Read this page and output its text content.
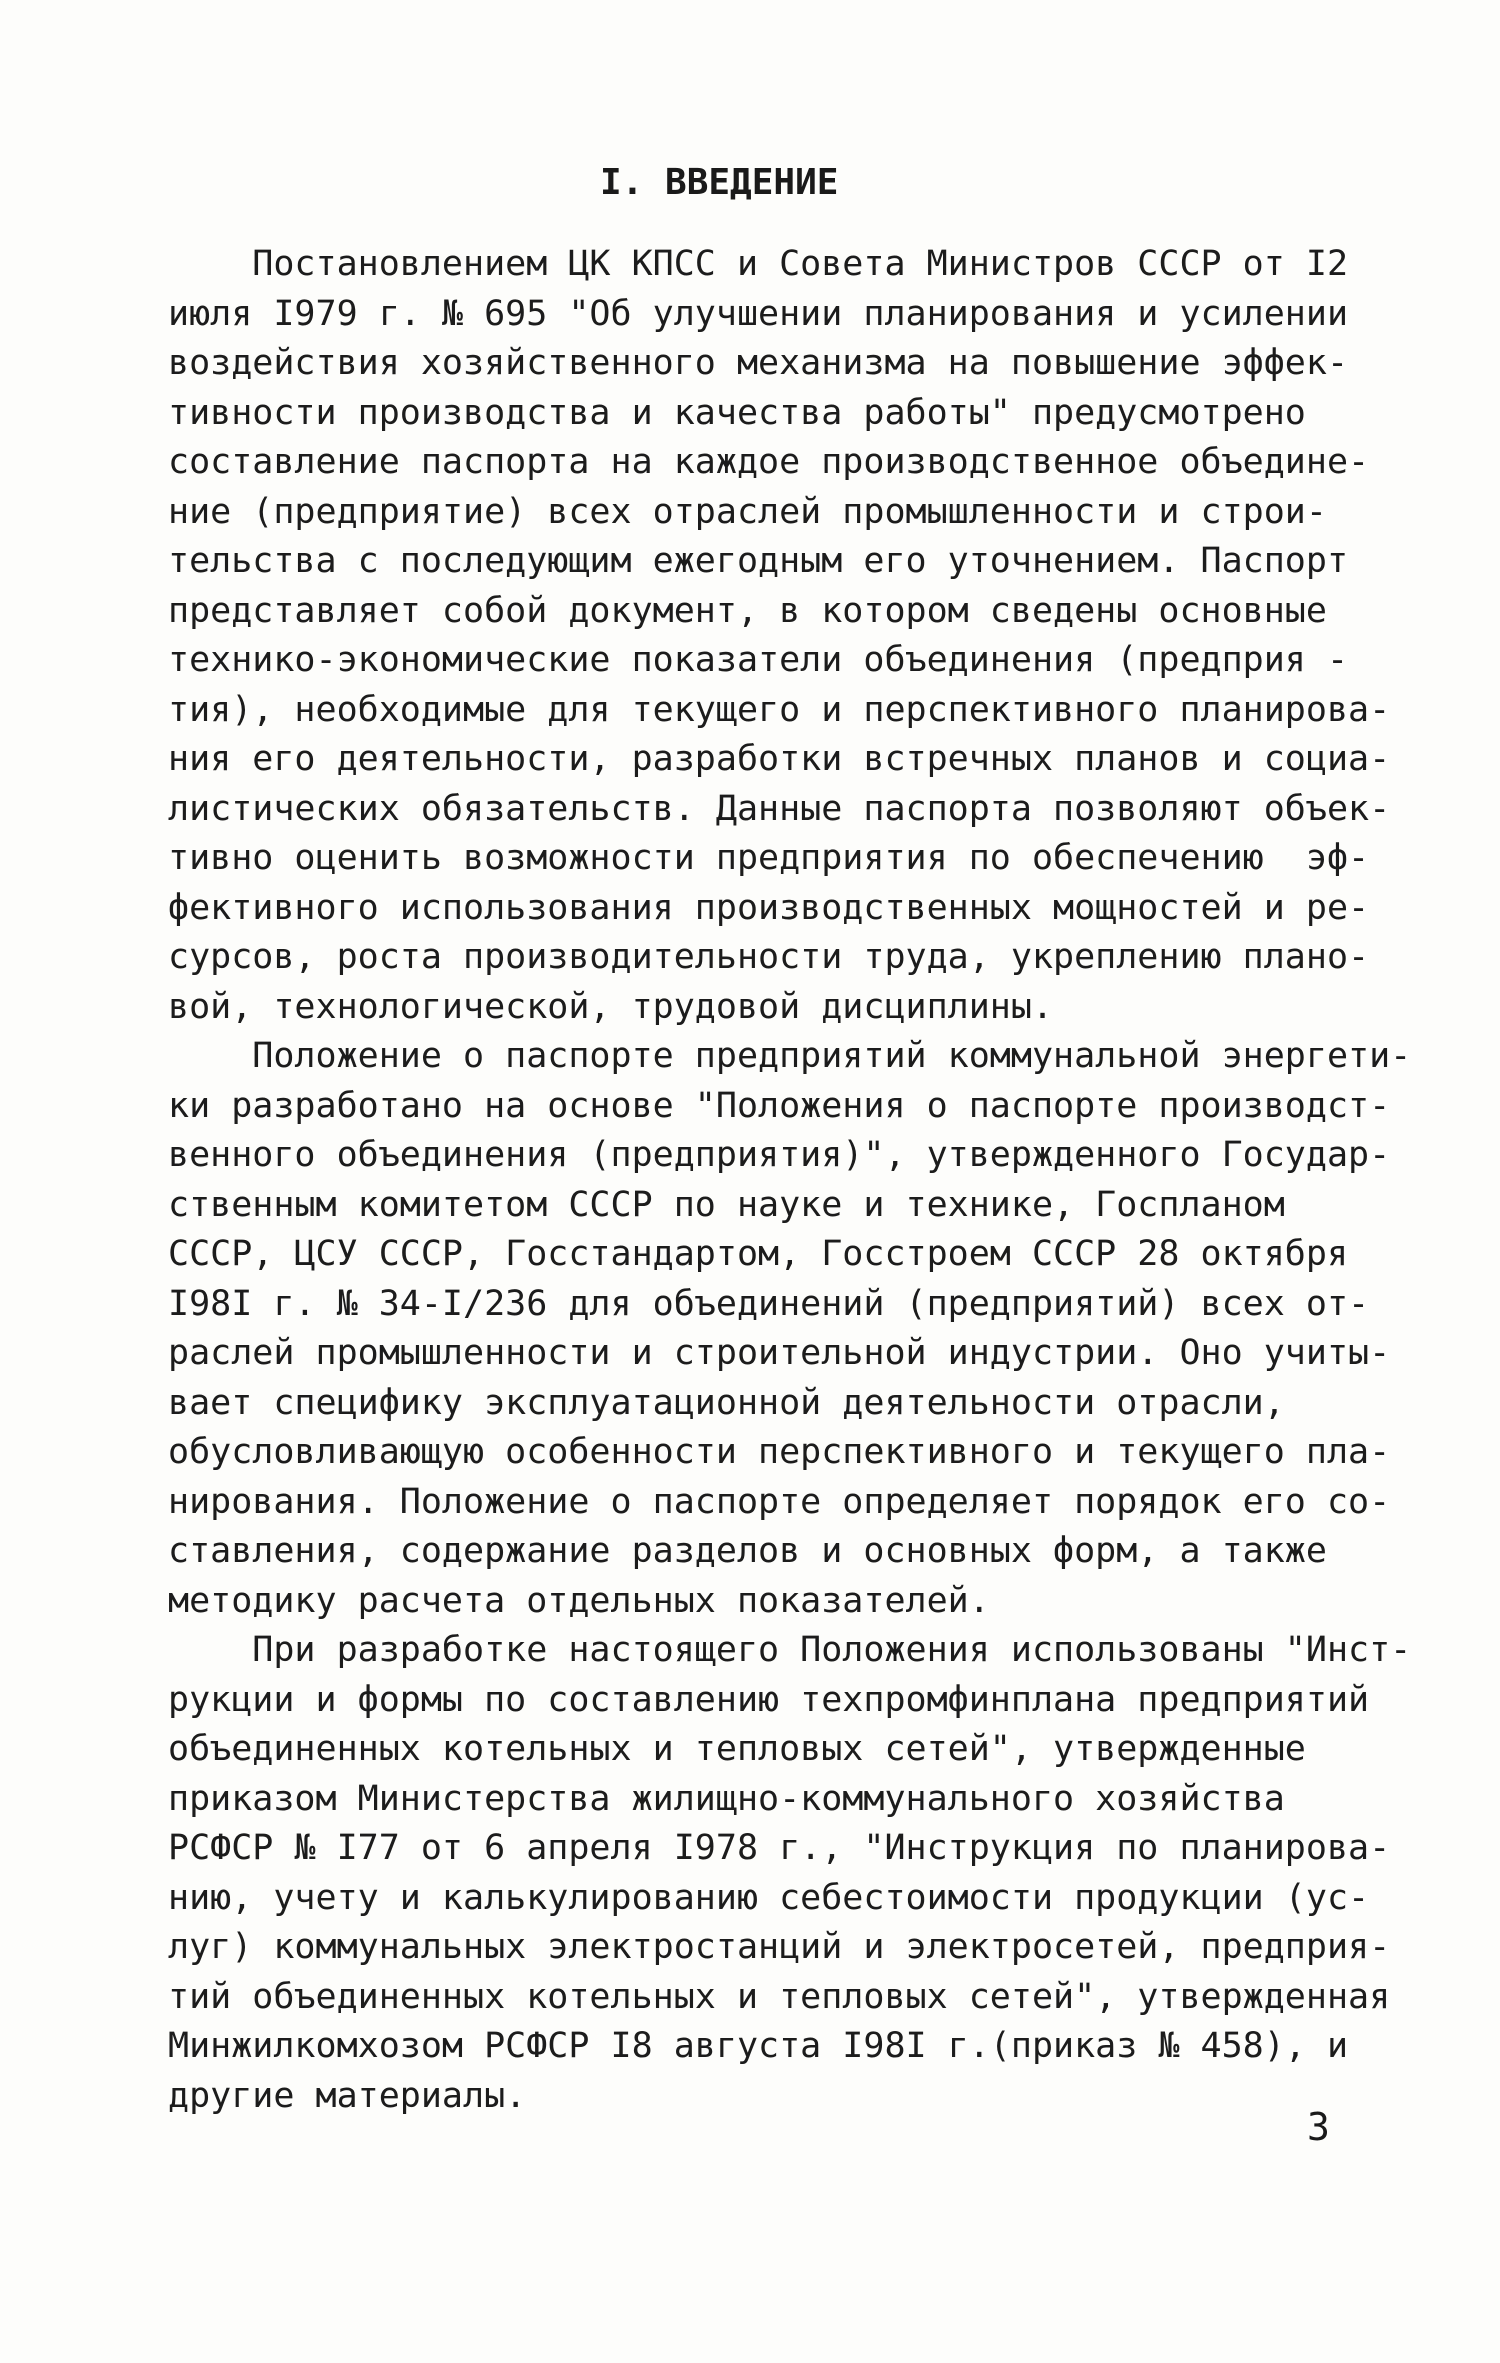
I. ВВЕДЕНИЕ
Постановлением ЦК КПСС и Совета Министров СССР от I2
июля I979 г. № 695 "Об улучшении планирования и усилении
воздействия хозяйственного механизма на повышение эффек-
тивности производства и качества работы" предусмотрено
составление паспорта на каждое производственное объедине-
ние (предприятие) всех отраслей промышленности и строи-
тельства с последующим ежегодным его уточнением. Паспорт
представляет собой документ, в котором сведены основные
технико-экономические показатели объединения (предприя -
тия), необходимые для текущего и перспективного планирова-
ния его деятельности, разработки встречных планов и социа-
листических обязательств. Данные паспорта позволяют объек-
тивно оценить возможности предприятия по обеспечению  эф-
фективного использования производственных мощностей и ре-
сурсов, роста производительности труда, укреплению плано-
вой, технологической, трудовой дисциплины.
Положение о паспорте предприятий коммунальной энергети-
ки разработано на основе "Положения о паспорте производст-
венного объединения (предприятия)", утвержденного Государ-
ственным комитетом СССР по науке и технике, Госпланом
СССР, ЦСУ СССР, Госстандартом, Госстроем СССР 28 октября
I98I г. № 34-I/236 для объединений (предприятий) всех от-
раслей промышленности и строительной индустрии. Оно учиты-
вает специфику эксплуатационной деятельности отрасли,
обусловливающую особенности перспективного и текущего пла-
нирования. Положение о паспорте определяет порядок его со-
ставления, содержание разделов и основных форм, а также
методику расчета отдельных показателей.
При разработке настоящего Положения использованы "Инст-
рукции и формы по составлению техпромфинплана предприятий
объединенных котельных и тепловых сетей", утвержденные
приказом Министерства жилищно-коммунального хозяйства
РСФСР № I77 от 6 апреля I978 г., "Инструкция по планирова-
нию, учету и калькулированию себестоимости продукции (ус-
луг) коммунальных электростанций и электросетей, предприя-
тий объединенных котельных и тепловых сетей", утвержденная
Минжилкомхозом РСФСР I8 августа I98I г.(приказ № 458), и
другие материалы.
3
